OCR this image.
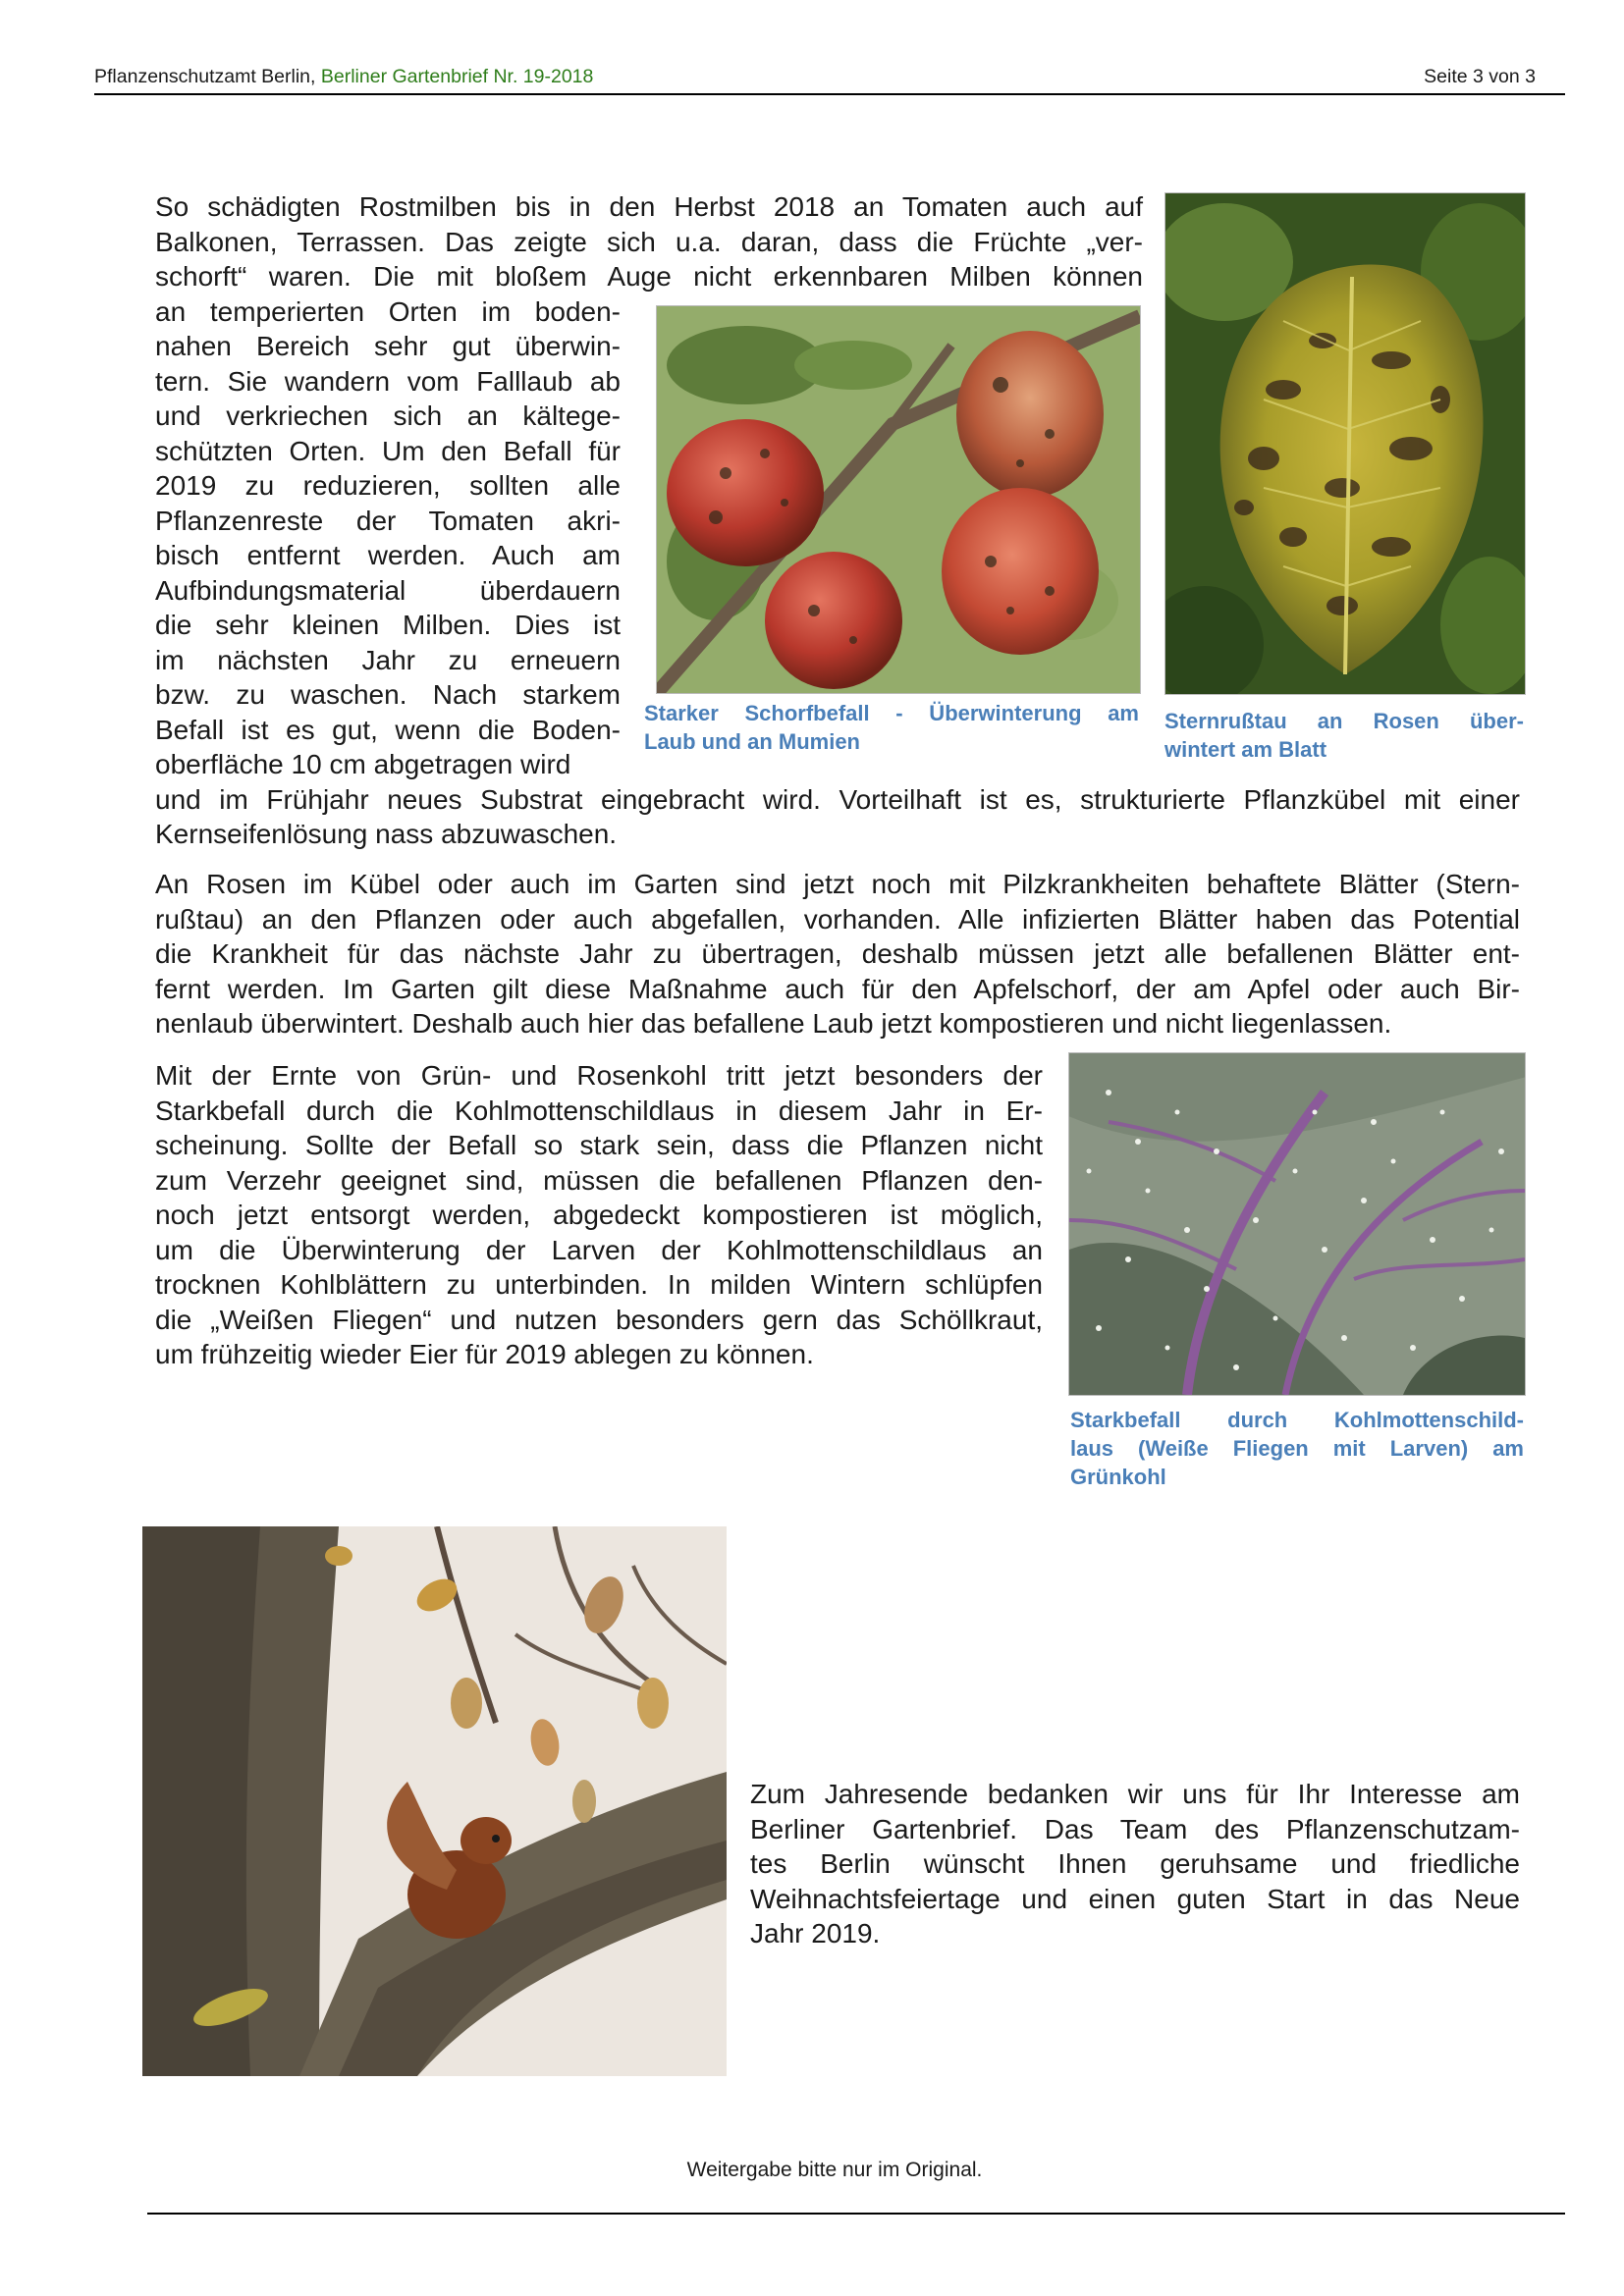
Pflanzenschutzamt Berlin, Berliner Gartenbrief Nr. 19-2018	Seite 3 von 3
So schädigten Rostmilben bis in den Herbst 2018 an Tomaten auch auf
Balkonen, Terrassen. Das zeigte sich u.a. daran, dass die Früchte „ver-
schorft“ waren. Die mit bloßem Auge nicht erkennbaren Milben können
an temperierten Orten im boden-
nahen Bereich sehr gut überwin-
tern. Sie wandern vom Falllaub ab
und verkriechen sich an kältege-
schützten Orten. Um den Befall für
2019 zu reduzieren, sollten alle
Pflanzenreste der Tomaten akri-
bisch entfernt werden. Auch am
Aufbindungsmaterial überdauern
die sehr kleinen Milben. Dies ist
im nächsten Jahr zu erneuern
bzw. zu waschen. Nach starkem
Befall ist es gut, wenn die Boden-
oberfläche 10 cm abgetragen wird
und im Frühjahr neues Substrat eingebracht wird. Vorteilhaft ist es, strukturierte Pflanzkübel mit einer
Kernseifenlösung nass abzuwaschen.
Starker Schorfbefall - Überwinterung am
Laub und an Mumien
Sternrußtau an Rosen über-
wintert am Blatt
An Rosen im Kübel oder auch im Garten sind jetzt noch mit Pilzkrankheiten behaftete Blätter (Stern-
rußtau) an den Pflanzen oder auch abgefallen, vorhanden. Alle infizierten Blätter haben das Potential
die Krankheit für das nächste Jahr zu übertragen, deshalb müssen jetzt alle befallenen Blätter ent-
fernt werden. Im Garten gilt diese Maßnahme auch für den Apfelschorf, der am Apfel oder auch Bir-
nenlaub überwintert. Deshalb auch hier das befallene Laub jetzt kompostieren und nicht liegenlassen.
Mit der Ernte von Grün- und Rosenkohl tritt jetzt besonders der
Starkbefall durch die Kohlmottenschildlaus in diesem Jahr in Er-
scheinung. Sollte der Befall so stark sein, dass die Pflanzen nicht
zum Verzehr geeignet sind, müssen die befallenen Pflanzen den-
noch jetzt entsorgt werden, abgedeckt kompostieren ist möglich,
um die Überwinterung der Larven der Kohlmottenschildlaus an
trocknen Kohlblättern zu unterbinden. In milden Wintern schlüpfen
die „Weißen Fliegen“ und nutzen besonders gern das Schöllkraut,
um frühzeitig wieder Eier für 2019 ablegen zu können.
Starkbefall durch Kohlmottenschild-
laus (Weiße Fliegen mit Larven) am
Grünkohl
Zum Jahresende bedanken wir uns für Ihr Interesse am
Berliner Gartenbrief. Das Team des Pflanzenschutzam-
tes Berlin wünscht Ihnen geruhsame und friedliche
Weihnachtsfeiertage und einen guten Start in das Neue
Jahr 2019.
Weitergabe bitte nur im Original.
